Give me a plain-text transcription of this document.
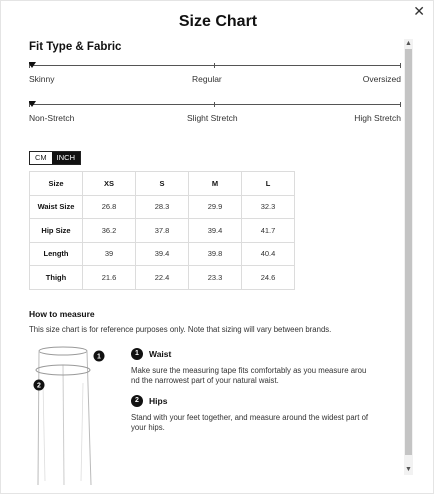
Size Chart
✕
Fit Type & Fabric
Skinny	Regular	Oversized
Non-Stretch	Slight Stretch	High Stretch
CM	INCH
Size	XS	S	M	L
Waist Size	26.8	28.3	29.9	32.3
Hip Size	36.2	37.8	39.4	41.7
Length	39	39.4	39.8	40.4
Thigh	21.6	22.4	23.3	24.6
How to measure
This size chart is for reference purposes only. Note that sizing will vary between brands.
1
2
1	Waist
Make sure the measuring tape fits comfortably as you measure arou
nd the narrowest part of your natural waist.
2	Hips
Stand with your feet together, and measure around the widest part of
your hips.
▲
▼
